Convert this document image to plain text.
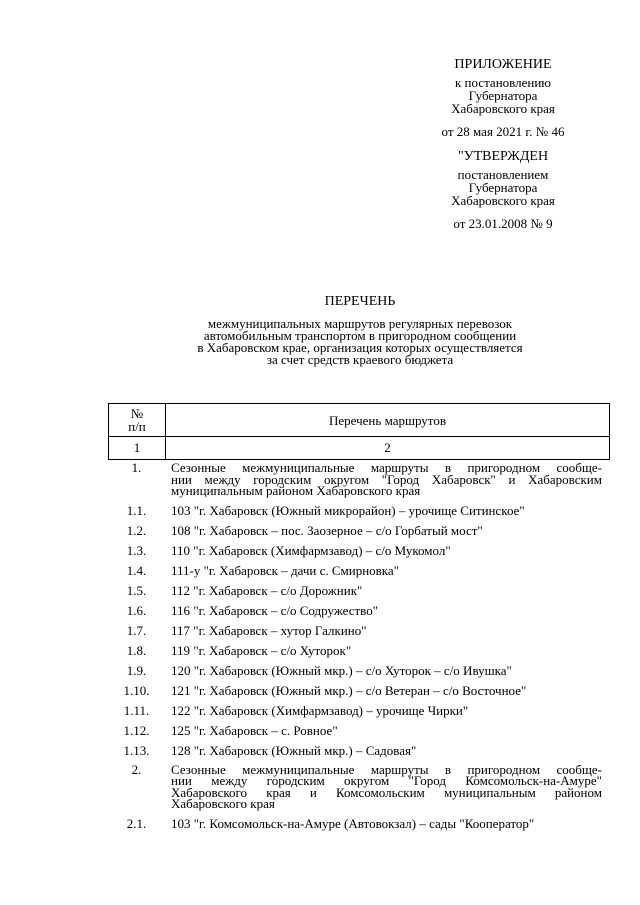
ПРИЛОЖЕНИЕ
к постановлению
Губернатора
Хабаровского края
от 28 мая 2021 г. № 46
"УТВЕРЖДЕН
постановлением
Губернатора
Хабаровского края
от 23.01.2008 № 9
ПЕРЕЧЕНЬ
межмуниципальных маршрутов регулярных перевозок
автомобильным транспортом в пригородном сообщении
в Хабаровском крае, организация которых осуществляется
за счет средств краевого бюджета
№
п/п	Перечень маршрутов
1	2
1.	Сезонные межмуниципальные маршруты в пригородном сообще-
нии между городским округом "Город Хабаровск" и Хабаровским
муниципальным районом Хабаровского края
1.1.	103 "г. Хабаровск (Южный микрорайон) – урочище Ситинское"
1.2.	108 "г. Хабаровск – пос. Заозерное – с/о Горбатый мост"
1.3.	110 "г. Хабаровск (Химфармзавод) – с/о Мукомол"
1.4.	111-у "г. Хабаровск – дачи с. Смирновка"
1.5.	112 "г. Хабаровск – с/о Дорожник"
1.6.	116 "г. Хабаровск – с/о Содружество"
1.7.	117 "г. Хабаровск – хутор Галкино"
1.8.	119 "г. Хабаровск – с/о Хуторок"
1.9.	120 "г. Хабаровск (Южный мкр.) – с/о Хуторок – с/о Ивушка"
1.10.	121 "г. Хабаровск (Южный мкр.) – с/о Ветеран – с/о Восточное"
1.11.	122 "г. Хабаровск (Химфармзавод) – урочище Чирки"
1.12.	125 "г. Хабаровск – с. Ровное"
1.13.	128 "г. Хабаровск (Южный мкр.) – Садовая"
2.	Сезонные межмуниципальные маршруты в пригородном сообще-
нии между городским округом "Город Комсомольск-на-Амуре"
Хабаровского края и Комсомольским муниципальным районом
Хабаровского края
2.1.	103 "г. Комсомольск-на-Амуре (Автовокзал) – сады "Кооператор"
